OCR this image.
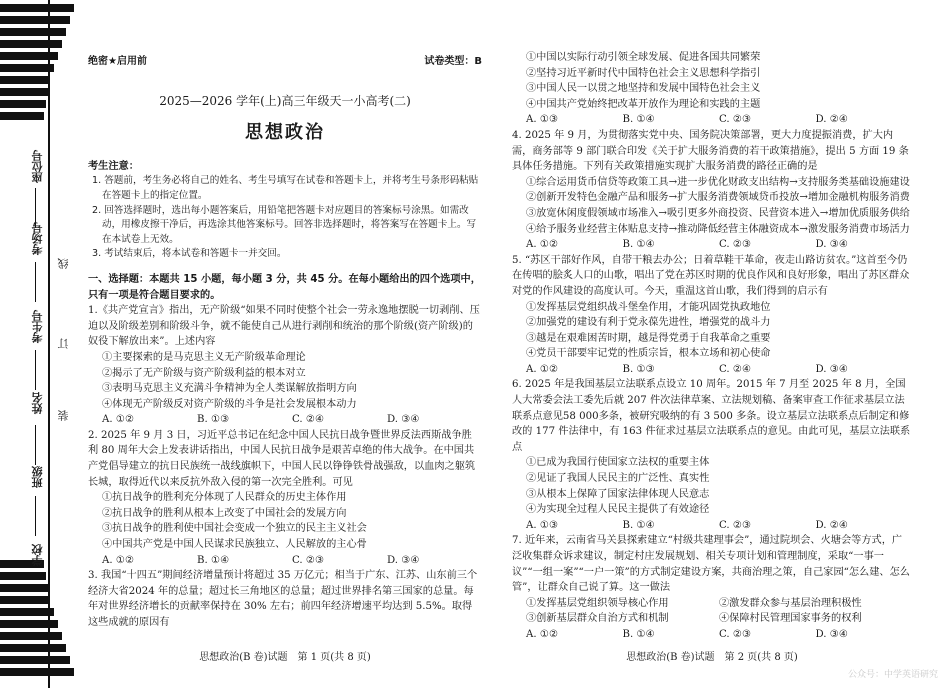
座位号
考场号
考生号
姓名
班级
学校
线
订
装
绝密★启用前	试卷类型：B
2025—2026 学年(上)高三年级天一小高考(二)
思想政治
考生注意：
1. 答题前，考生务必将自己的姓名、考生号填写在试卷和答题卡上，并将考生号条形码粘贴在答题卡上的指定位置。
2. 回答选择题时，选出每小题答案后，用铅笔把答题卡对应题目的答案标号涂黑。如需改动，用橡皮擦干净后，再选涂其他答案标号。回答非选择题时，将答案写在答题卡上。写在本试卷上无效。
3. 考试结束后，将本试卷和答题卡一并交回。
一、选择题：本题共 15 小题，每小题 3 分，共 45 分。在每小题给出的四个选项中，只有一项是符合题目要求的。
1.《共产党宣言》指出，无产阶级“如果不同时使整个社会一劳永逸地摆脱一切剥削、压迫以及阶级差别和阶级斗争，就不能使自己从进行剥削和统治的那个阶级(资产阶级)的奴役下解放出来”。上述内容
①主要探索的是马克思主义无产阶级革命理论
②揭示了无产阶级与资产阶级利益的根本对立
③表明马克思主义充满斗争精神为全人类谋解放指明方向
④体现无产阶级反对资产阶级的斗争是社会发展根本动力
A. ①②	B. ①③	C. ②④	D. ③④
2. 2025 年 9 月 3 日，习近平总书记在纪念中国人民抗日战争暨世界反法西斯战争胜利 80 周年大会上发表讲话指出，中国人民抗日战争是艰苦卓绝的伟大战争。在中国共产党倡导建立的抗日民族统一战线旗帜下，中国人民以铮铮铁骨战强敌，以血肉之躯筑长城，取得近代以来反抗外敌入侵的第一次完全胜利。可见
①抗日战争的胜利充分体现了人民群众的历史主体作用
②抗日战争的胜利从根本上改变了中国社会的发展方向
③抗日战争的胜利使中国社会变成一个独立的民主主义社会
④中国共产党是中国人民谋求民族独立、人民解放的主心骨
A. ①②	B. ①④	C. ②③	D. ③④
3. 我国“十四五”期间经济增量预计将超过 35 万亿元；相当于广东、江苏、山东前三个经济大省2024 年的总量；超过长三角地区的总量；超过世界排名第三国家的总量。每年对世界经济增长的贡献率保持在 30% 左右；前四年经济增速平均达到 5.5%。取得这些成就的原因有
思想政治(B 卷)试题　第 1 页(共 8 页)
①中国以实际行动引领全球发展、促进各国共同繁荣
②坚持习近平新时代中国特色社会主义思想科学指引
③中国人民一以贯之地坚持和发展中国特色社会主义
④中国共产党始终把改革开放作为理论和实践的主题
A. ①③	B. ①④	C. ②③	D. ②④
4. 2025 年 9 月，为贯彻落实党中央、国务院决策部署，更大力度提振消费，扩大内需，商务部等 9 部门联合印发《关于扩大服务消费的若干政策措施》，提出 5 方面 19 条具体任务措施。下列有关政策措施实现扩大服务消费的路径正确的是
①综合运用货币信贷等政策工具→进一步优化财政支出结构→支持服务类基础设施建设
②创新开发特色金融产品和服务→扩大服务消费领域贷币投放→增加金融机构服务消费
③放宽休闲度假领域市场准入→吸引更多外商投资、民营资本进入→增加优质服务供给
④给予服务业经营主体贴息支持→推动降低经营主体融资成本→激发服务消费市场活力
A. ①②	B. ①④	C. ②③	D. ③④
5. “苏区干部好作风，自带干粮去办公；日着草鞋干革命，夜走山路访贫农。”这首至今仍在传唱的脍炙人口的山歌，唱出了党在苏区时期的优良作风和良好形象，唱出了苏区群众对党的作风建设的高度认可。今天，重温这首山歌，我们得到的启示有
①发挥基层党组织战斗堡垒作用，才能巩固党执政地位
②加强党的建设有利于党永葆先进性，增强党的战斗力
③越是在艰难困苦时期，越是得党勇于自我革命之重要
④党员干部要牢记党的性质宗旨，根本立场和初心使命
A. ①②	B. ①③	C. ②④	D. ③④
6. 2025 年是我国基层立法联系点设立 10 周年。2015 年 7 月至 2025 年 8 月，全国人大常委会法工委先后就 207 件次法律草案、立法规划稿、备案审查工作征求基层立法联系点意见58 000多条，被研究吸纳的有 3 500 多条。设立基层立法联系点后制定和修改的 177 件法律中，有 163 件征求过基层立法联系点的意见。由此可见，基层立法联系点
①已成为我国行使国家立法权的重要主体
②见证了我国人民民主的广泛性、真实性
③从根本上保障了国家法律体现人民意志
④为实现全过程人民民主提供了有效途径
A. ①③	B. ①④	C. ②③	D. ②④
7. 近年来，云南省马关县探索建立“村级共建理事会”，通过院坝会、火塘会等方式，广泛收集群众诉求建议，制定村庄发展规划、相关专项计划和管理制度，采取“一事一议”“一组一案”“一户一策”的方式制定建设方案，共商治理之策，自己家园“怎么建、怎么管”，让群众自己说了算。这一做法
①发挥基层党组织领导核心作用	②激发群众参与基层治理积极性
③创新基层群众自治方式和机制	④保障村民管理国家事务的权利
A. ①②	B. ①④	C. ②③	D. ③④
思想政治(B 卷)试题　第 2 页(共 8 页)
公众号：中学英语研究
